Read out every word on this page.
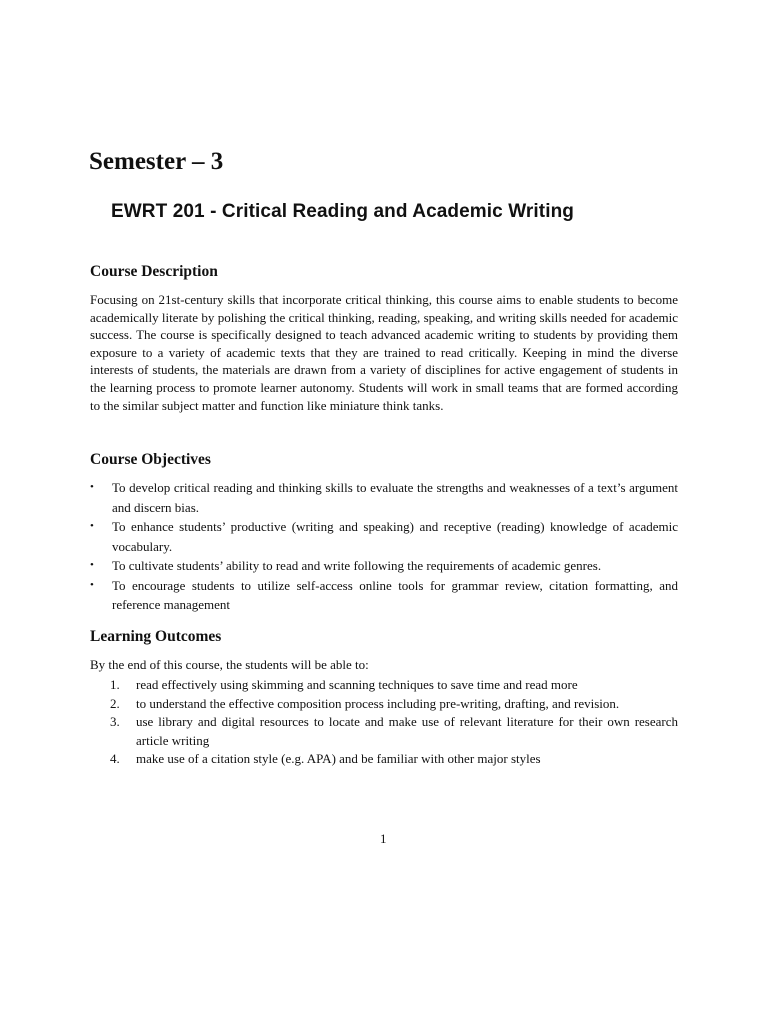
Semester – 3
EWRT 201 - Critical Reading and Academic Writing
Course Description

Focusing on 21st-century skills that incorporate critical thinking, this course aims to enable students to become academically literate by polishing the critical thinking, reading, speaking, and writing skills needed for academic success. The course is specifically designed to teach advanced academic writing to students by providing them exposure to a variety of academic texts that they are trained to read critically. Keeping in mind the diverse interests of students, the materials are drawn from a variety of disciplines for active engagement of students in the learning process to promote learner autonomy. Students will work in small teams that are formed according to the similar subject matter and function like miniature think tanks.

Course Objectives
•	To develop critical reading and thinking skills to evaluate the strengths and weaknesses of a text’s argument and discern bias.
•	To enhance students’ productive (writing and speaking) and receptive (reading) knowledge of academic vocabulary.
•	To cultivate students’ ability to read and write following the requirements of academic genres.
•	To encourage students to utilize self-access online tools for grammar review, citation formatting, and reference management
Learning Outcomes

By the end of this course, the students will be able to:

1. read effectively using skimming and scanning techniques to save time and read more
2. to understand the effective composition process including pre-writing, drafting, and revision.
3. use library and digital resources to locate and make use of relevant literature for their own research article writing
4. make use of a citation style (e.g. APA) and be familiar with other major styles

1
